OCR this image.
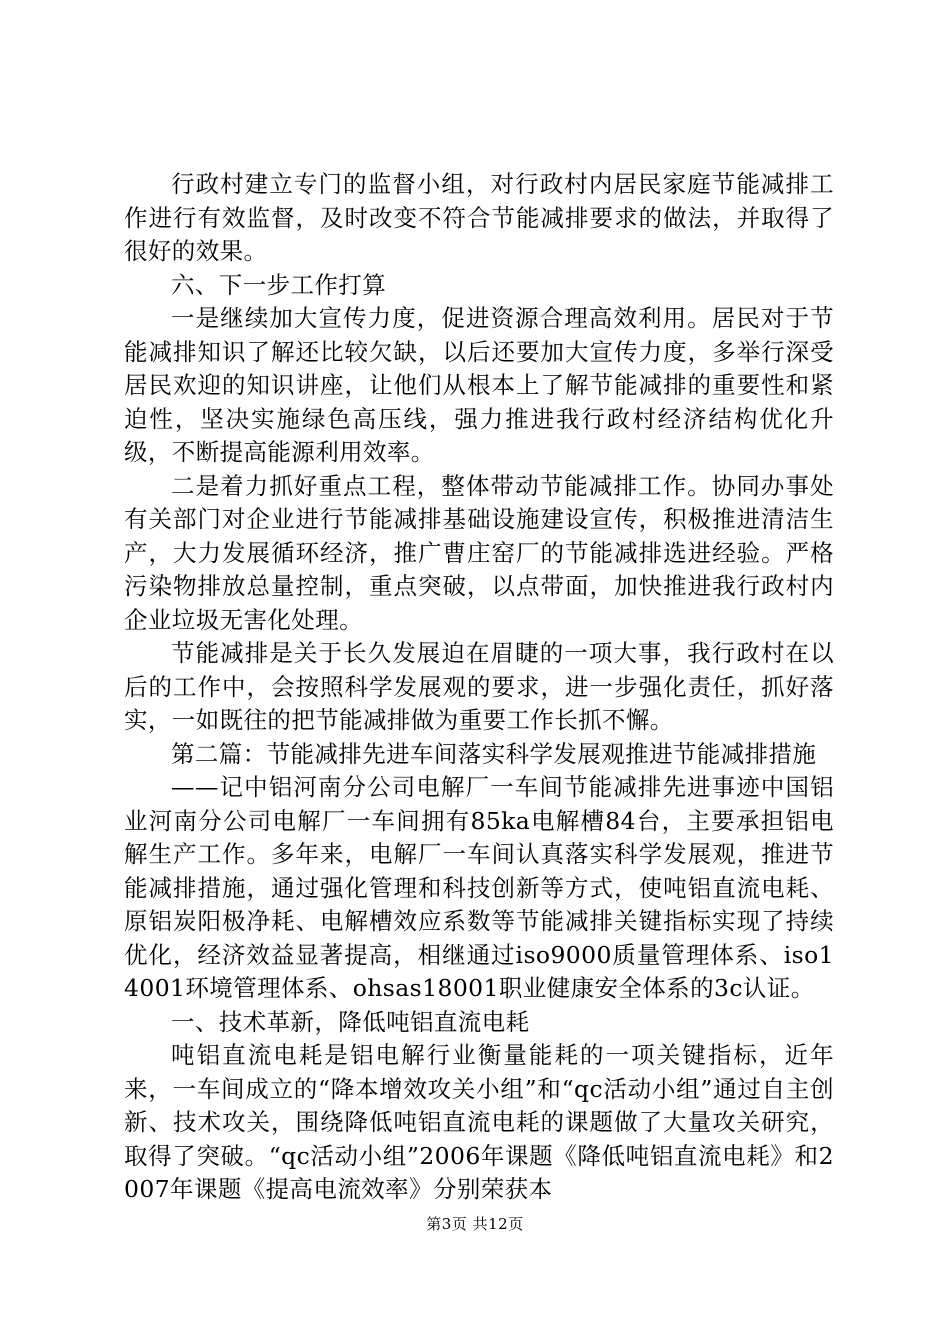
行政村建立专门的监督小组，对行政村内居民家庭节能减排工作进行有效监督，及时改变不符合节能减排要求的做法，并取得了很好的效果。

六、下一步工作打算

一是继续加大宣传力度，促进资源合理高效利用。居民对于节能减排知识了解还比较欠缺，以后还要加大宣传力度，多举行深受居民欢迎的知识讲座，让他们从根本上了解节能减排的重要性和紧迫性，坚决实施绿色高压线，强力推进我行政村经济结构优化升级，不断提高能源利用效率。

二是着力抓好重点工程，整体带动节能减排工作。协同办事处有关部门对企业进行节能减排基础设施建设宣传，积极推进清洁生产，大力发展循环经济，推广曹庄窑厂的节能减排选进经验。严格污染物排放总量控制，重点突破，以点带面，加快推进我行政村内企业垃圾无害化处理。

节能减排是关于长久发展迫在眉睫的一项大事，我行政村在以后的工作中，会按照科学发展观的要求，进一步强化责任，抓好落实，一如既往的把节能减排做为重要工作长抓不懈。

第二篇：节能减排先进车间落实科学发展观推进节能减排措施

——记中铝河南分公司电解厂一车间节能减排先进事迹中国铝业河南分公司电解厂一车间拥有85ka电解槽84台，主要承担铝电解生产工作。多年来，电解厂一车间认真落实科学发展观，推进节能减排措施，通过强化管理和科技创新等方式，使吨铝直流电耗、原铝炭阳极净耗、电解槽效应系数等节能减排关键指标实现了持续优化，经济效益显著提高，相继通过iso9000质量管理体系、iso14001环境管理体系、ohsas18001职业健康安全体系的3c认证。

一、技术革新，降低吨铝直流电耗

吨铝直流电耗是铝电解行业衡量能耗的一项关键指标，近年来，一车间成立的“降本增效攻关小组”和“qc活动小组”通过自主创新、技术攻关，围绕降低吨铝直流电耗的课题做了大量攻关研究，取得了突破。“qc活动小组”2006年课题《降低吨铝直流电耗》和2007年课题《提高电流效率》分别荣获本

第3页 共12页
